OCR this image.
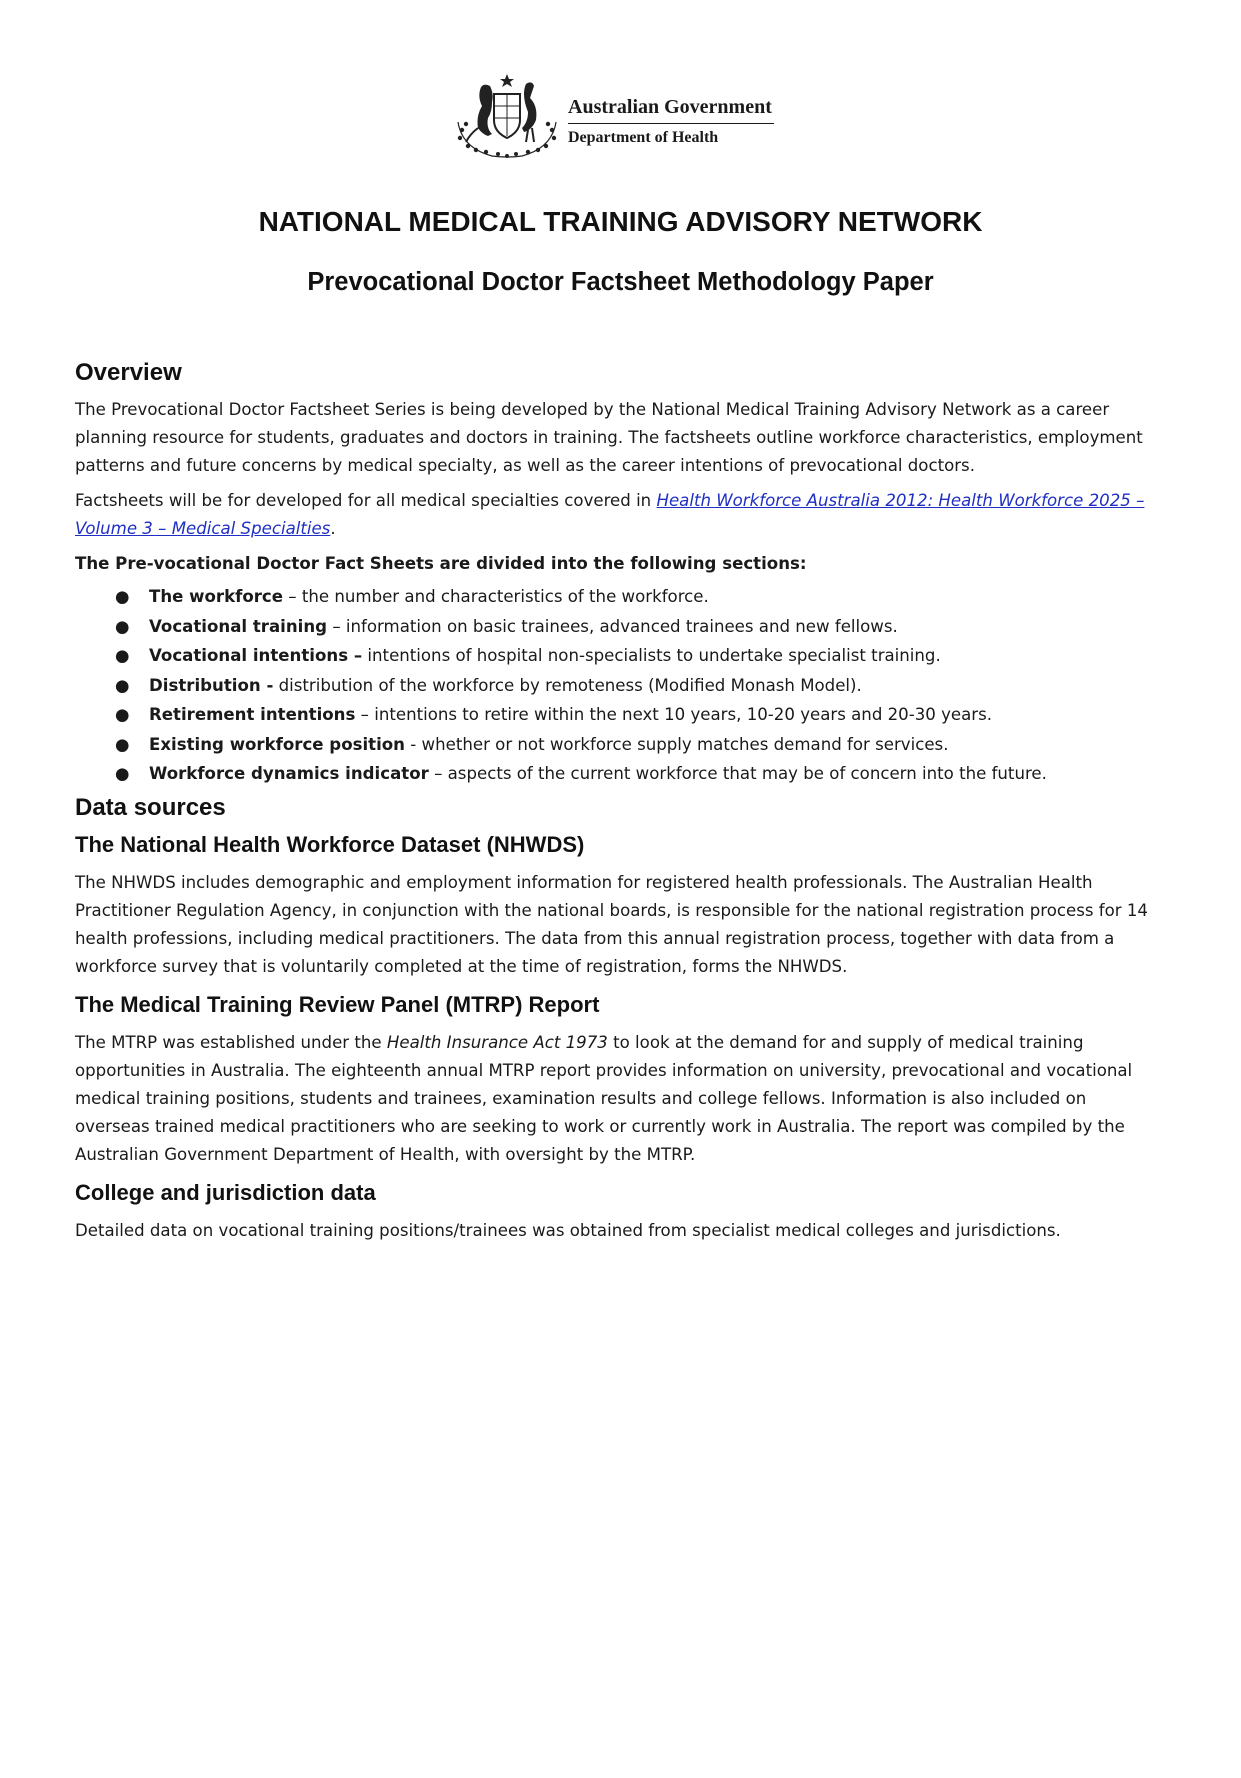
Australian Government
Department of Health
NATIONAL MEDICAL TRAINING ADVISORY NETWORK
Prevocational Doctor Factsheet Methodology Paper
Overview

The Prevocational Doctor Factsheet Series is being developed by the National Medical Training Advisory Network as a career planning resource for students, graduates and doctors in training. The factsheets outline workforce characteristics, employment patterns and future concerns by medical specialty, as well as the career intentions of prevocational doctors.

Factsheets will be for developed for all medical specialties covered in Health Workforce Australia 2012: Health Workforce 2025 – Volume 3 – Medical Specialties.

The Pre-vocational Doctor Fact Sheets are divided into the following sections:

● The workforce – the number and characteristics of the workforce.
● Vocational training – information on basic trainees, advanced trainees and new fellows.
● Vocational intentions – intentions of hospital non-specialists to undertake specialist training.
● Distribution - distribution of the workforce by remoteness (Modified Monash Model).
● Retirement intentions – intentions to retire within the next 10 years, 10-20 years and 20-30 years.
● Existing workforce position - whether or not workforce supply matches demand for services.
● Workforce dynamics indicator – aspects of the current workforce that may be of concern into the future.
Data sources
The National Health Workforce Dataset (NHWDS)

The NHWDS includes demographic and employment information for registered health professionals. The Australian Health Practitioner Regulation Agency, in conjunction with the national boards, is responsible for the national registration process for 14 health professions, including medical practitioners. The data from this annual registration process, together with data from a workforce survey that is voluntarily completed at the time of registration, forms the NHWDS.

The Medical Training Review Panel (MTRP) Report

The MTRP was established under the Health Insurance Act 1973 to look at the demand for and supply of medical training opportunities in Australia. The eighteenth annual MTRP report provides information on university, prevocational and vocational medical training positions, students and trainees, examination results and college fellows. Information is also included on overseas trained medical practitioners who are seeking to work or currently work in Australia. The report was compiled by the Australian Government Department of Health, with oversight by the MTRP.

College and jurisdiction data

Detailed data on vocational training positions/trainees was obtained from specialist medical colleges and jurisdictions.
